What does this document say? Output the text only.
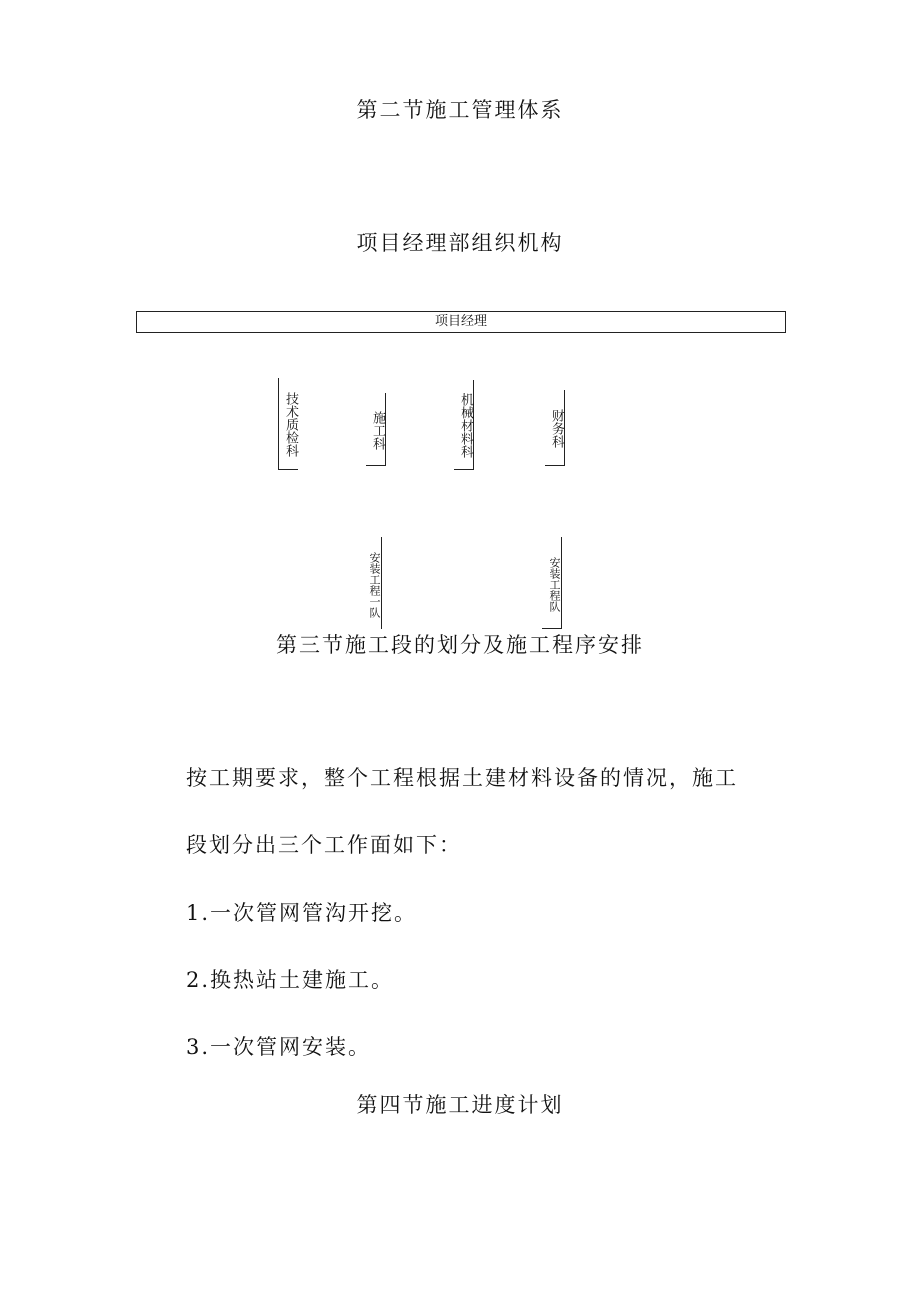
第二节施工管理体系
项目经理部组织机构
项目经理
技术质检科	施工科	机械材料科	财务科
安装工程一队	安装工程队
第三节施工段的划分及施工程序安排
按工期要求，整个工程根据土建材料设备的情况，施工
段划分出三个工作面如下：
1.一次管网管沟开挖。
2.换热站土建施工。
3.一次管网安装。
第四节施工进度计划
